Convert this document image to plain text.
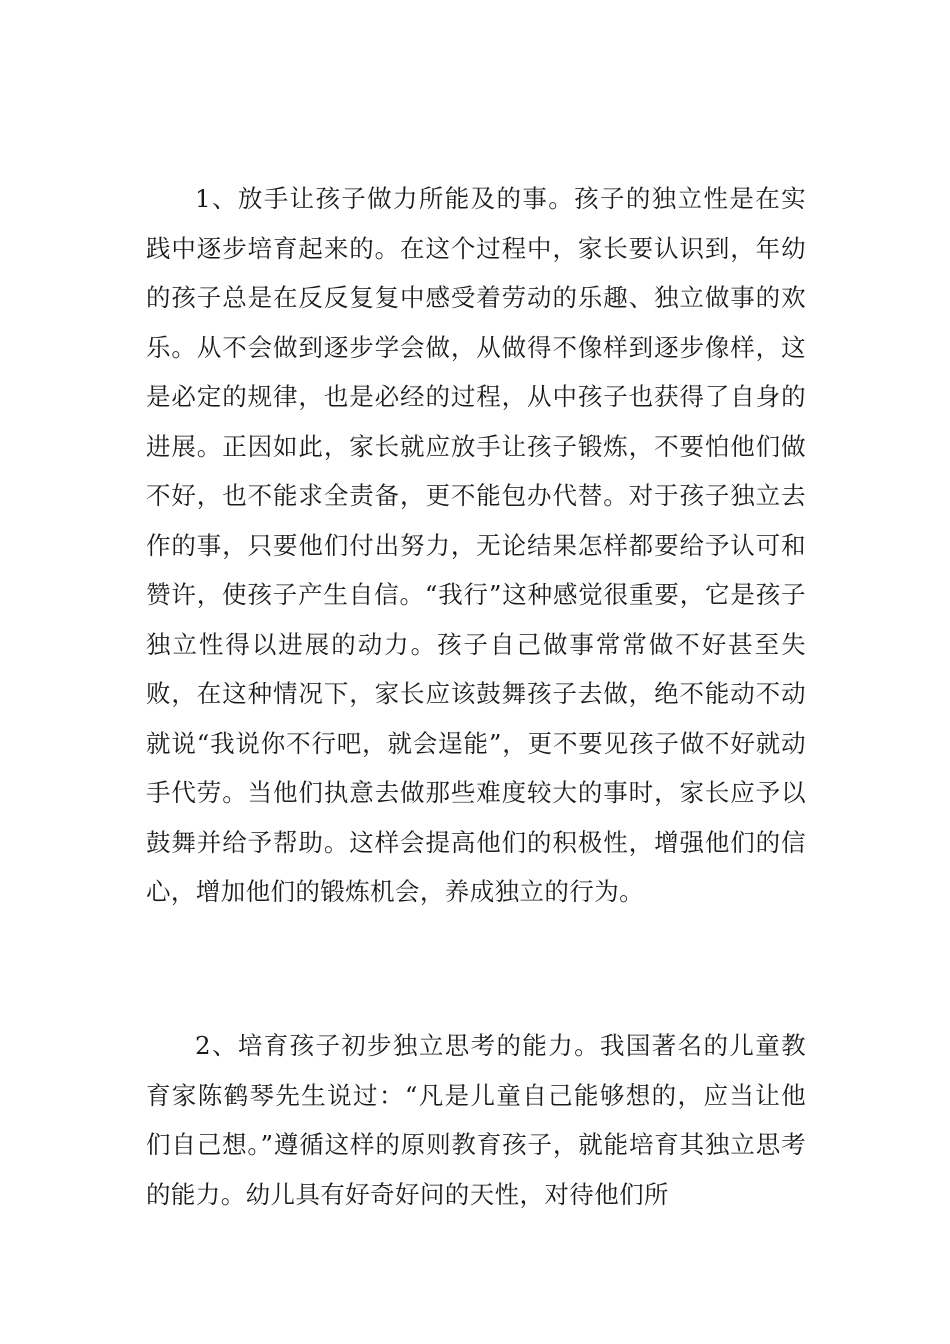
1、放手让孩子做力所能及的事。孩子的独立性是在实践中逐步培育起来的。在这个过程中，家长要认识到，年幼的孩子总是在反反复复中感受着劳动的乐趣、独立做事的欢乐。从不会做到逐步学会做，从做得不像样到逐步像样，这是必定的规律，也是必经的过程，从中孩子也获得了自身的进展。正因如此，家长就应放手让孩子锻炼，不要怕他们做不好，也不能求全责备，更不能包办代替。对于孩子独立去作的事，只要他们付出努力，无论结果怎样都要给予认可和赞许，使孩子产生自信。“我行”这种感觉很重要，它是孩子独立性得以进展的动力。孩子自己做事常常做不好甚至失败，在这种情况下，家长应该鼓舞孩子去做，绝不能动不动就说“我说你不行吧，就会逞能”，更不要见孩子做不好就动手代劳。当他们执意去做那些难度较大的事时，家长应予以鼓舞并给予帮助。这样会提高他们的积极性，增强他们的信心，增加他们的锻炼机会，养成独立的行为。

2、培育孩子初步独立思考的能力。我国著名的儿童教育家陈鹤琴先生说过：“凡是儿童自己能够想的，应当让他们自己想。”遵循这样的原则教育孩子，就能培育其独立思考的能力。幼儿具有好奇好问的天性，对待他们所
